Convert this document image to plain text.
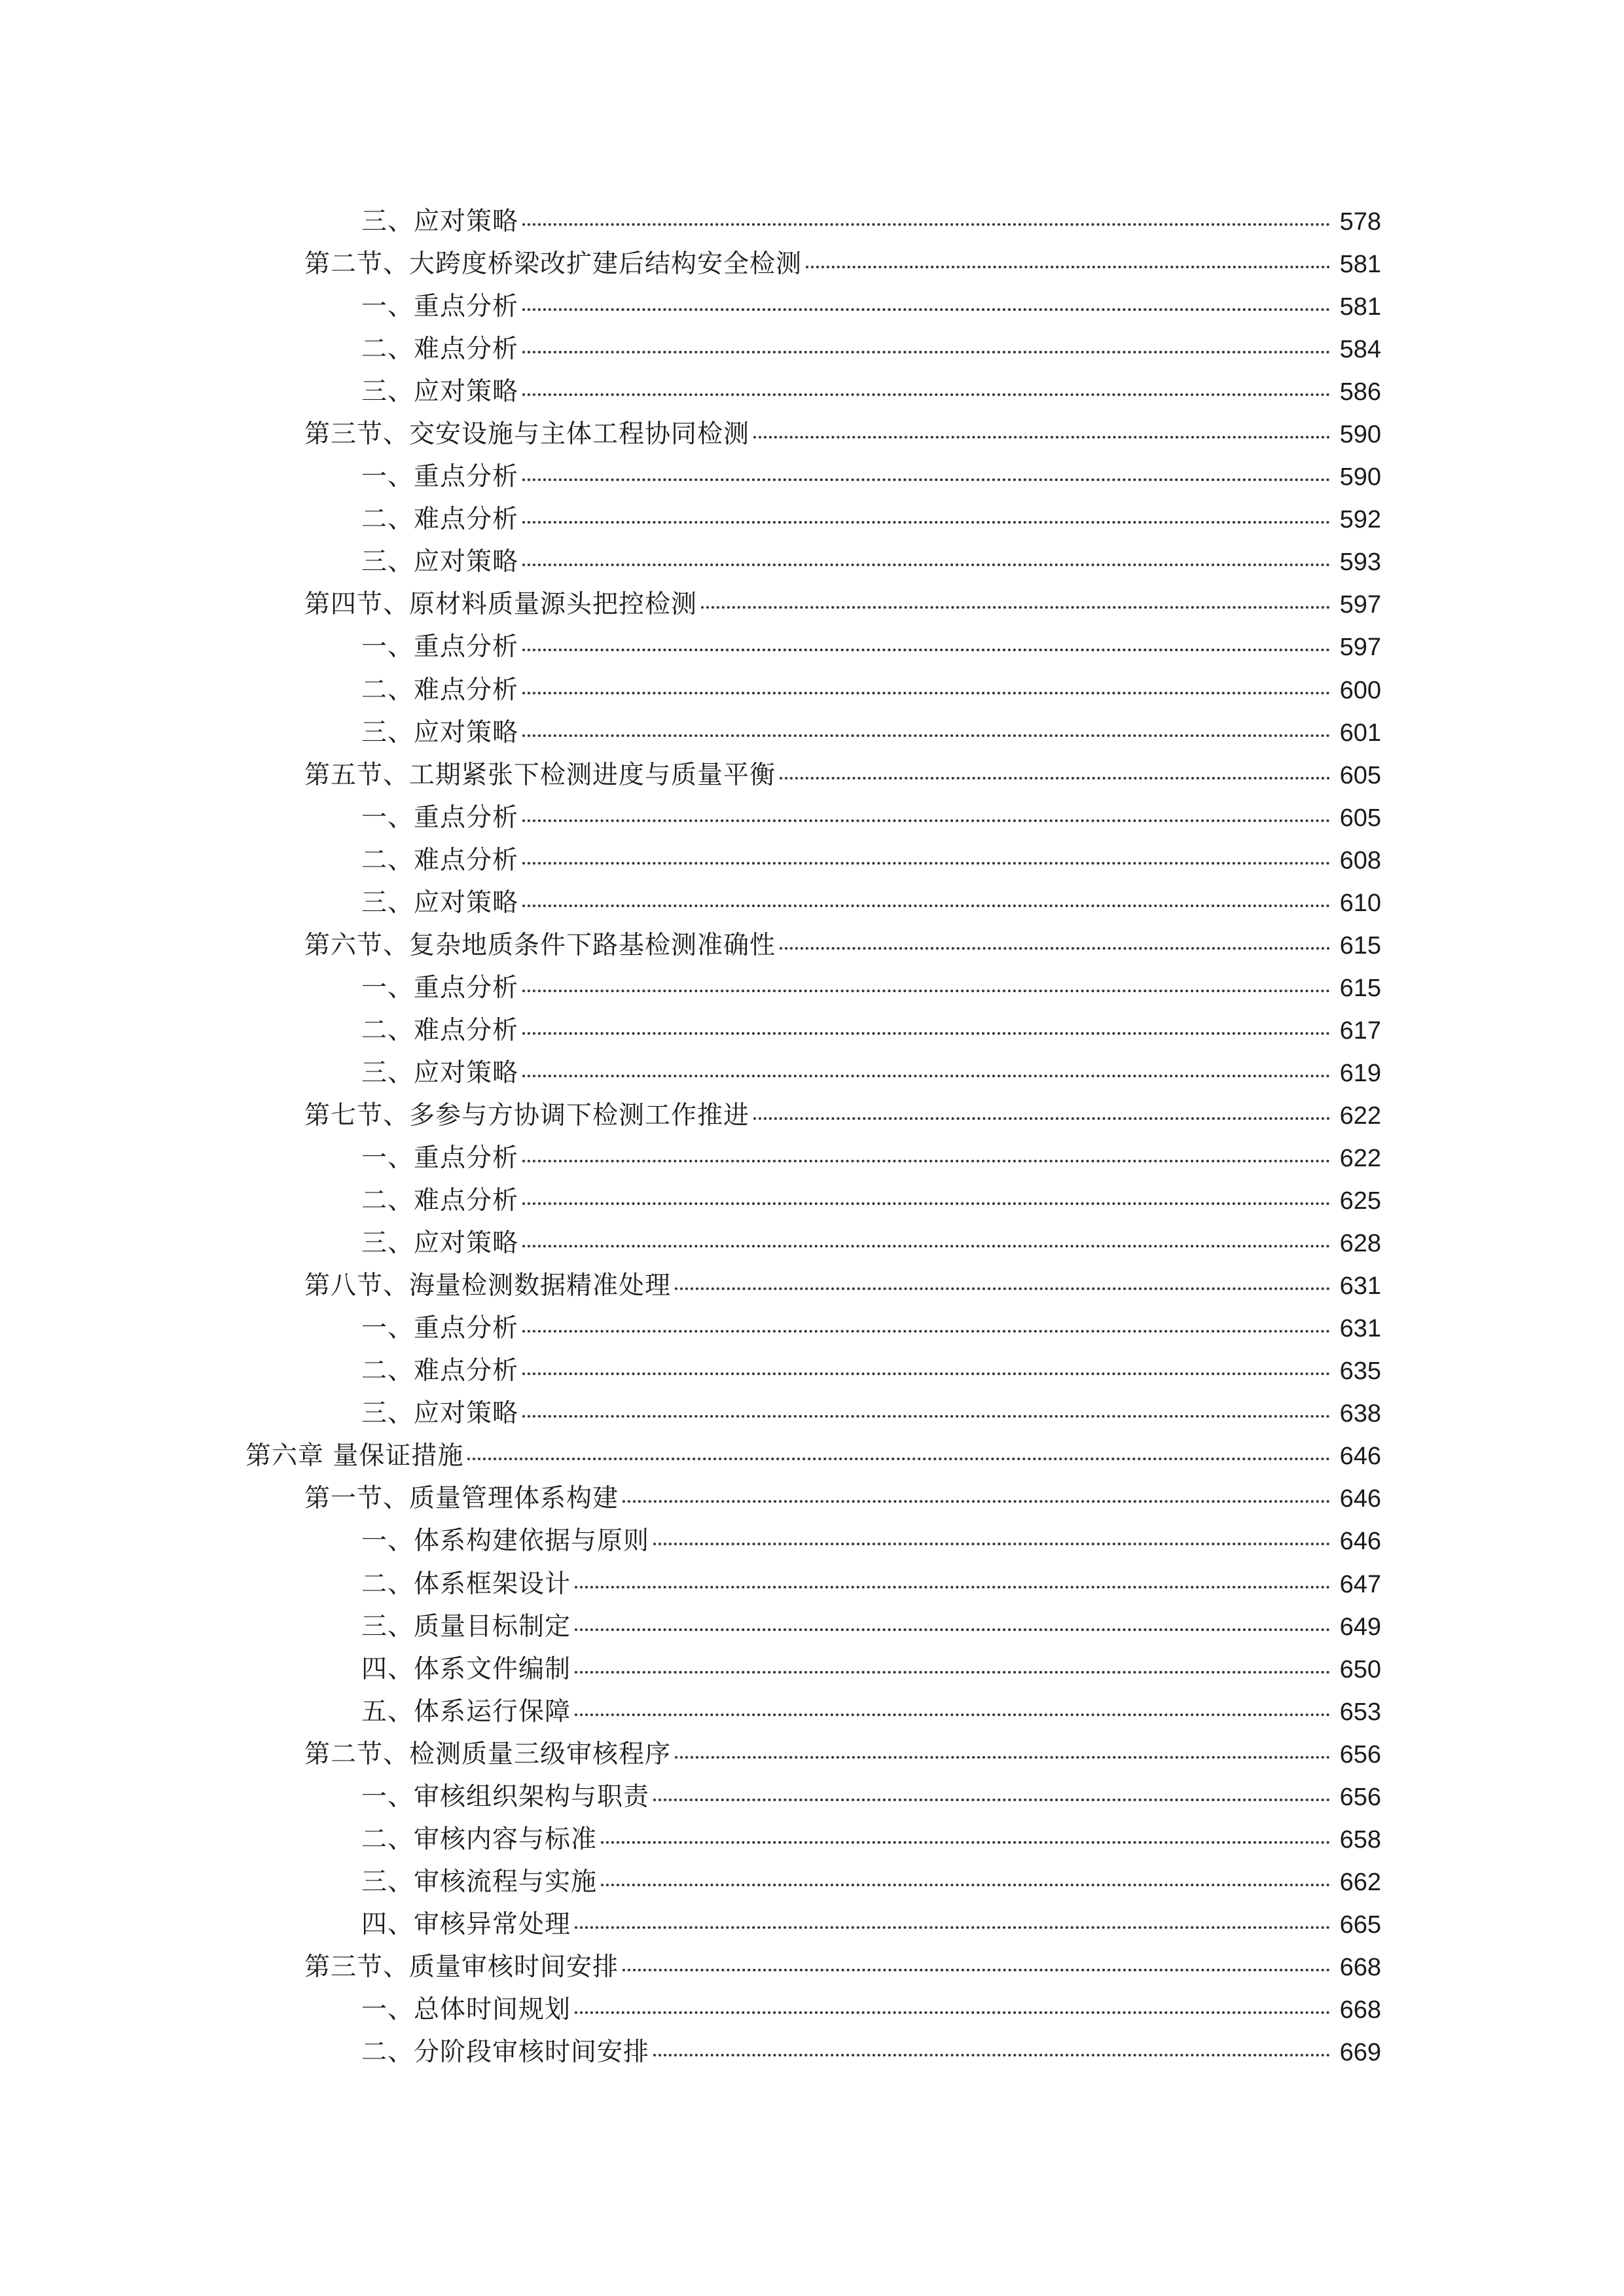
三、应对策略	578
第二节、大跨度桥梁改扩建后结构安全检测	581
一、重点分析	581
二、难点分析	584
三、应对策略	586
第三节、交安设施与主体工程协同检测	590
一、重点分析	590
二、难点分析	592
三、应对策略	593
第四节、原材料质量源头把控检测	597
一、重点分析	597
二、难点分析	600
三、应对策略	601
第五节、工期紧张下检测进度与质量平衡	605
一、重点分析	605
二、难点分析	608
三、应对策略	610
第六节、复杂地质条件下路基检测准确性	615
一、重点分析	615
二、难点分析	617
三、应对策略	619
第七节、多参与方协调下检测工作推进	622
一、重点分析	622
二、难点分析	625
三、应对策略	628
第八节、海量检测数据精准处理	631
一、重点分析	631
二、难点分析	635
三、应对策略	638
第六章 量保证措施	646
第一节、质量管理体系构建	646
一、体系构建依据与原则	646
二、体系框架设计	647
三、质量目标制定	649
四、体系文件编制	650
五、体系运行保障	653
第二节、检测质量三级审核程序	656
一、审核组织架构与职责	656
二、审核内容与标准	658
三、审核流程与实施	662
四、审核异常处理	665
第三节、质量审核时间安排	668
一、总体时间规划	668
二、分阶段审核时间安排	669
